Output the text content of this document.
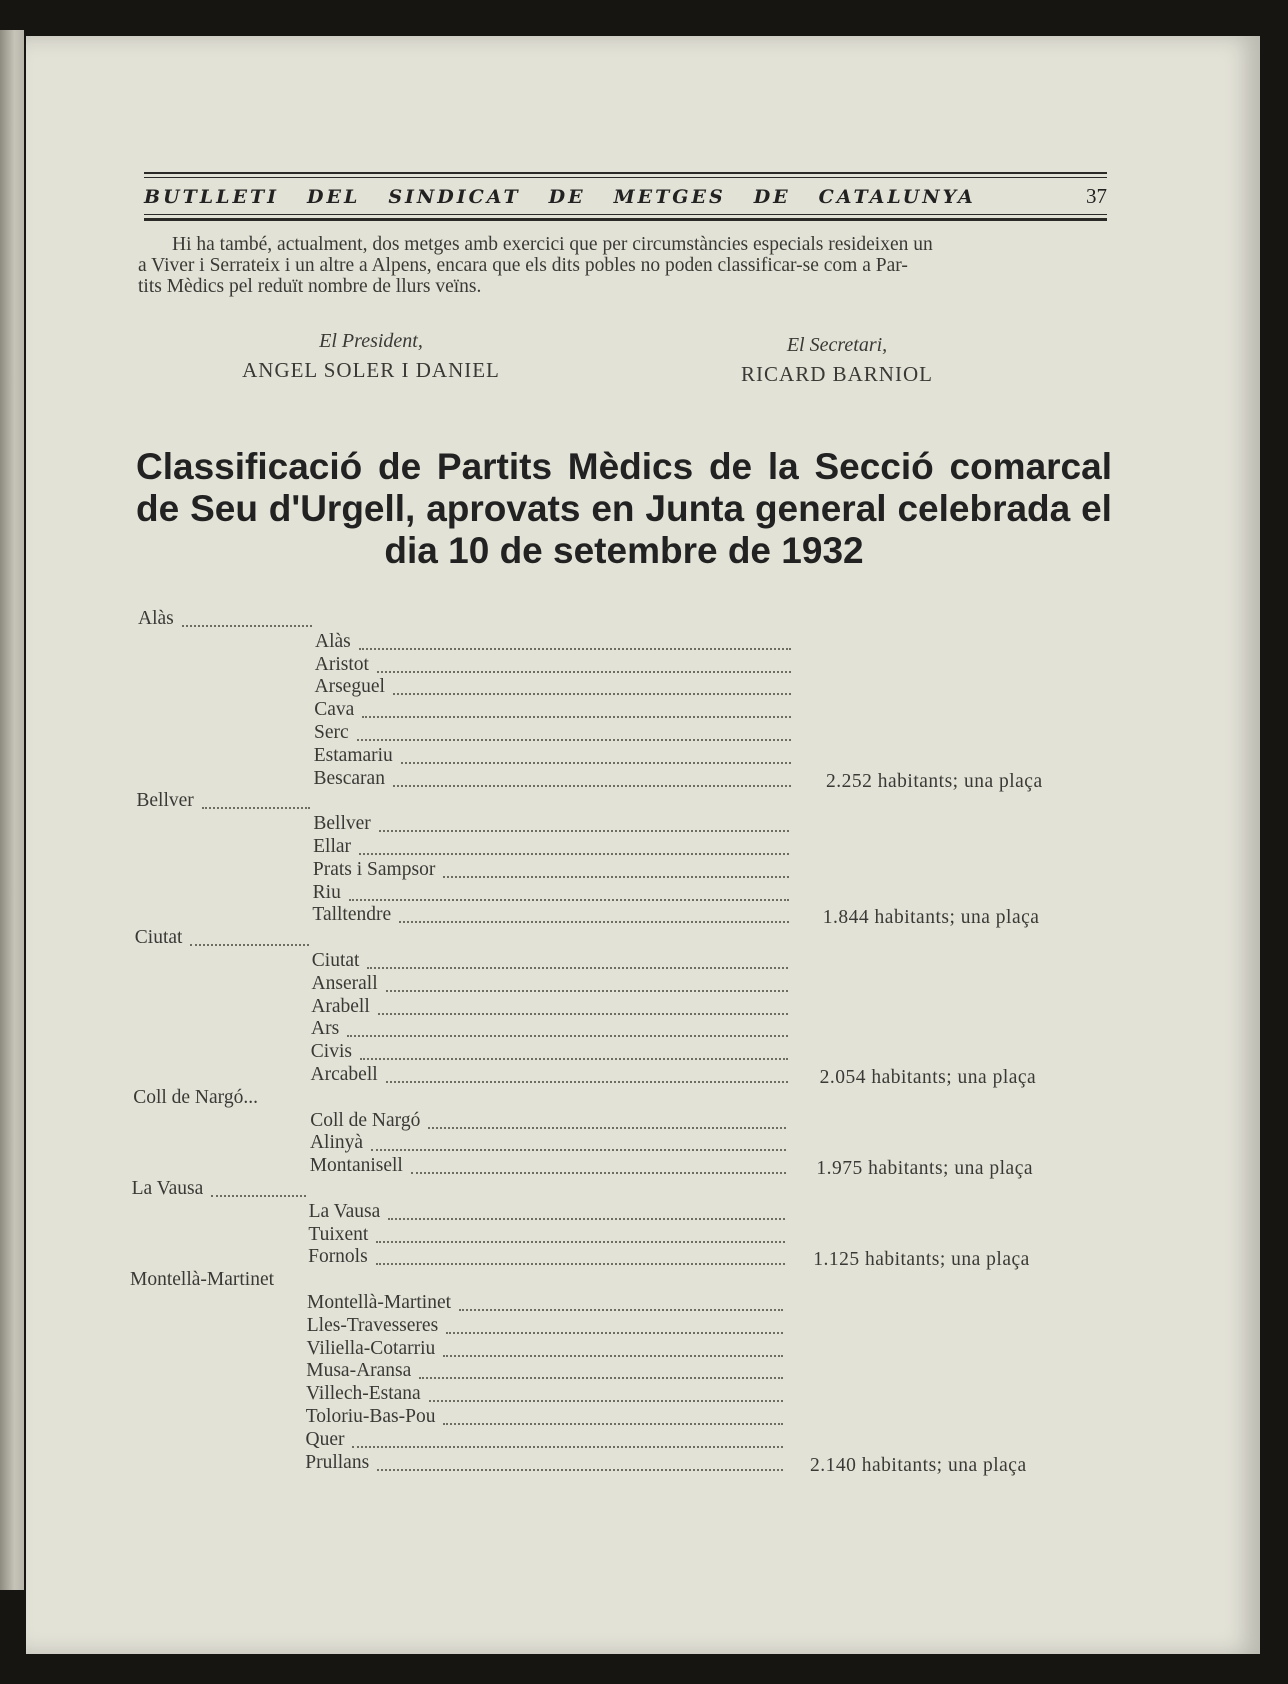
BUTLLETI DEL SINDICAT DE METGES DE CATALUNYA	37
Hi ha també, actualment, dos metges amb exercici que per circumstàncies especials resideixen un
a Viver i Serrateix i un altre a Alpens, encara que els dits pobles no poden classificar-se com a Par-
tits Mèdics pel reduït nombre de llurs veïns.
El President,
ANGEL SOLER I DANIEL
El Secretari,
RICARD BARNIOL
Classificació de Partits Mèdics de la Secció comarcal
de Seu d'Urgell, aprovats en Junta general celebrada el
dia 10 de setembre de 1932
Alàs
Alàs
Aristot
Arseguel
Cava
Serc
Estamariu
Bescaran	2.252 habitants; una plaça
Bellver
Bellver
Ellar
Prats i Sampsor
Riu
Talltendre	1.844 habitants; una plaça
Ciutat
Ciutat
Anserall
Arabell
Ars
Civis
Arcabell	2.054 habitants; una plaça
Coll de Nargó...
Coll de Nargó
Alinyà
Montanisell	1.975 habitants; una plaça
La Vausa
La Vausa
Tuixent
Fornols	1.125 habitants; una plaça
Montellà-Martinet
Montellà-Martinet
Lles-Travesseres
Viliella-Cotarriu
Musa-Aransa
Villech-Estana
Toloriu-Bas-Pou
Quer
Prullans	2.140 habitants; una plaça
